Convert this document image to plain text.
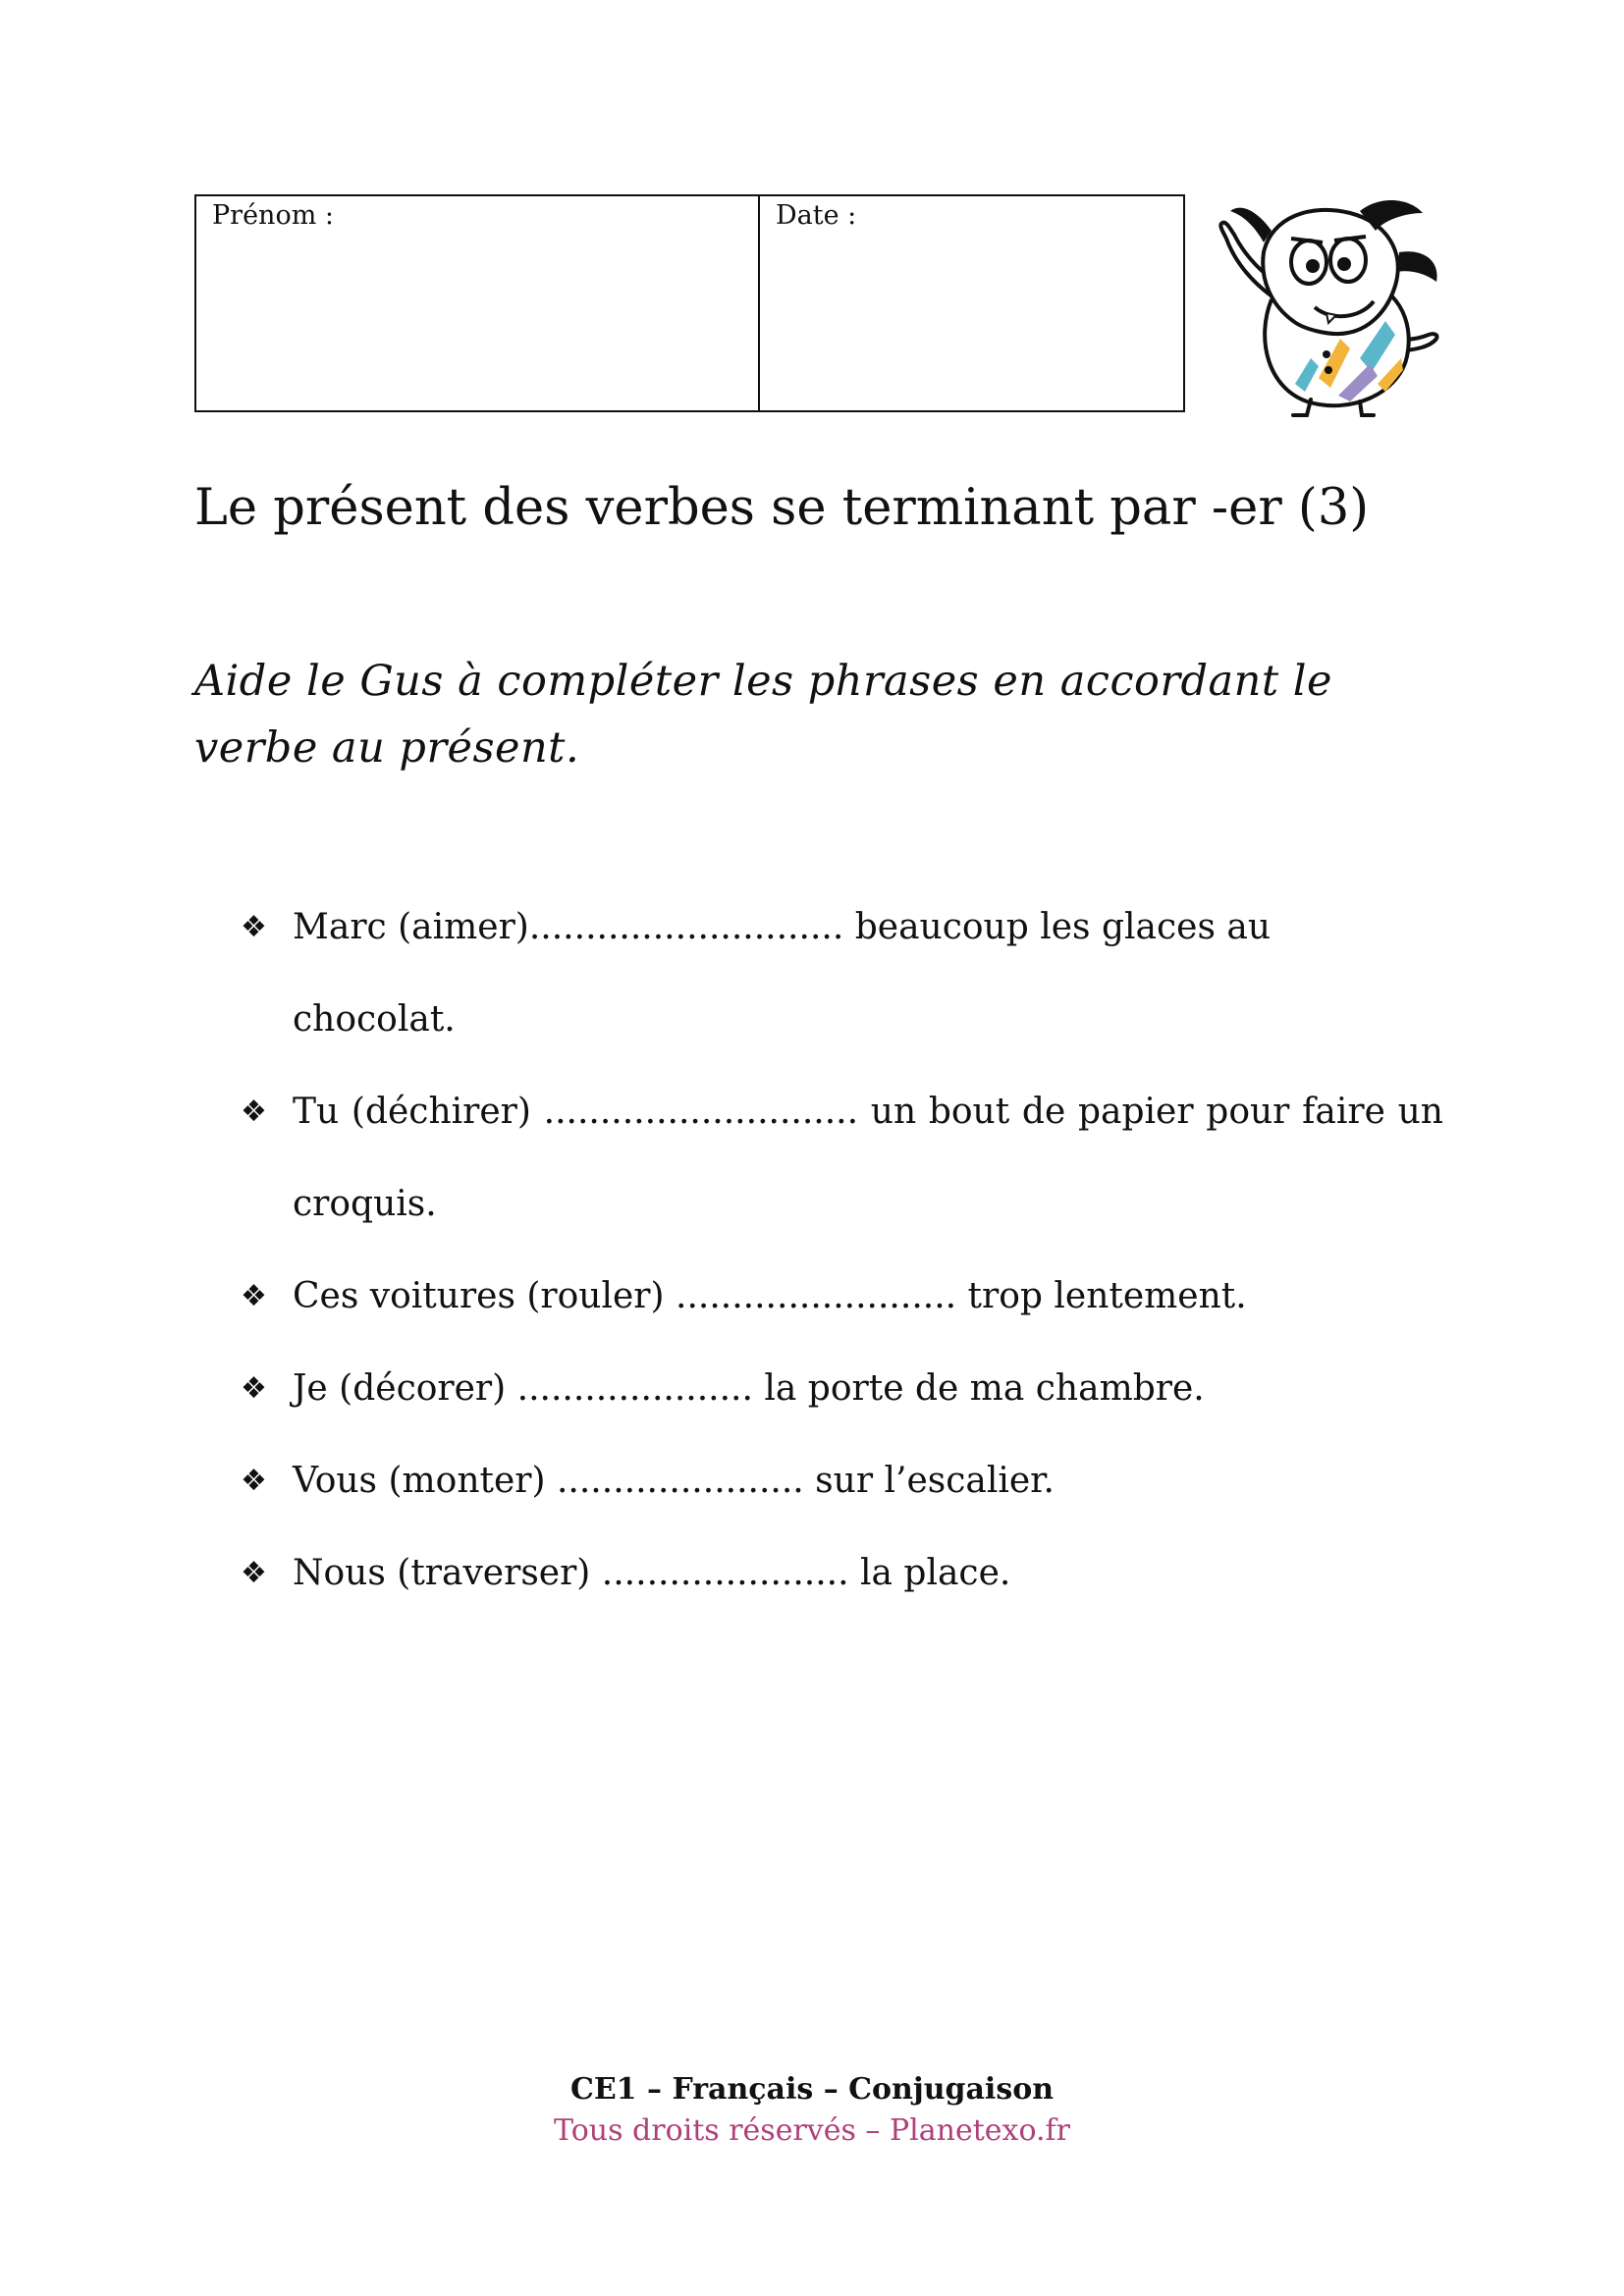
Prénom :	Date :
Le présent des verbes se terminant par -er (3)

Aide le Gus à compléter les phrases en accordant le verbe au présent.

❖ Marc (aimer)............................ beaucoup les glaces au chocolat.
❖ Tu (déchirer) ............................ un bout de papier pour faire un croquis.
❖ Ces voitures (rouler) ......................... trop lentement.
❖ Je (décorer) ..................... la porte de ma chambre.
❖ Vous (monter) ...................... sur l’escalier.
❖ Nous (traverser) ...................... la place.
CE1 – Français – Conjugaison
Tous droits réservés – Planetexo.fr
